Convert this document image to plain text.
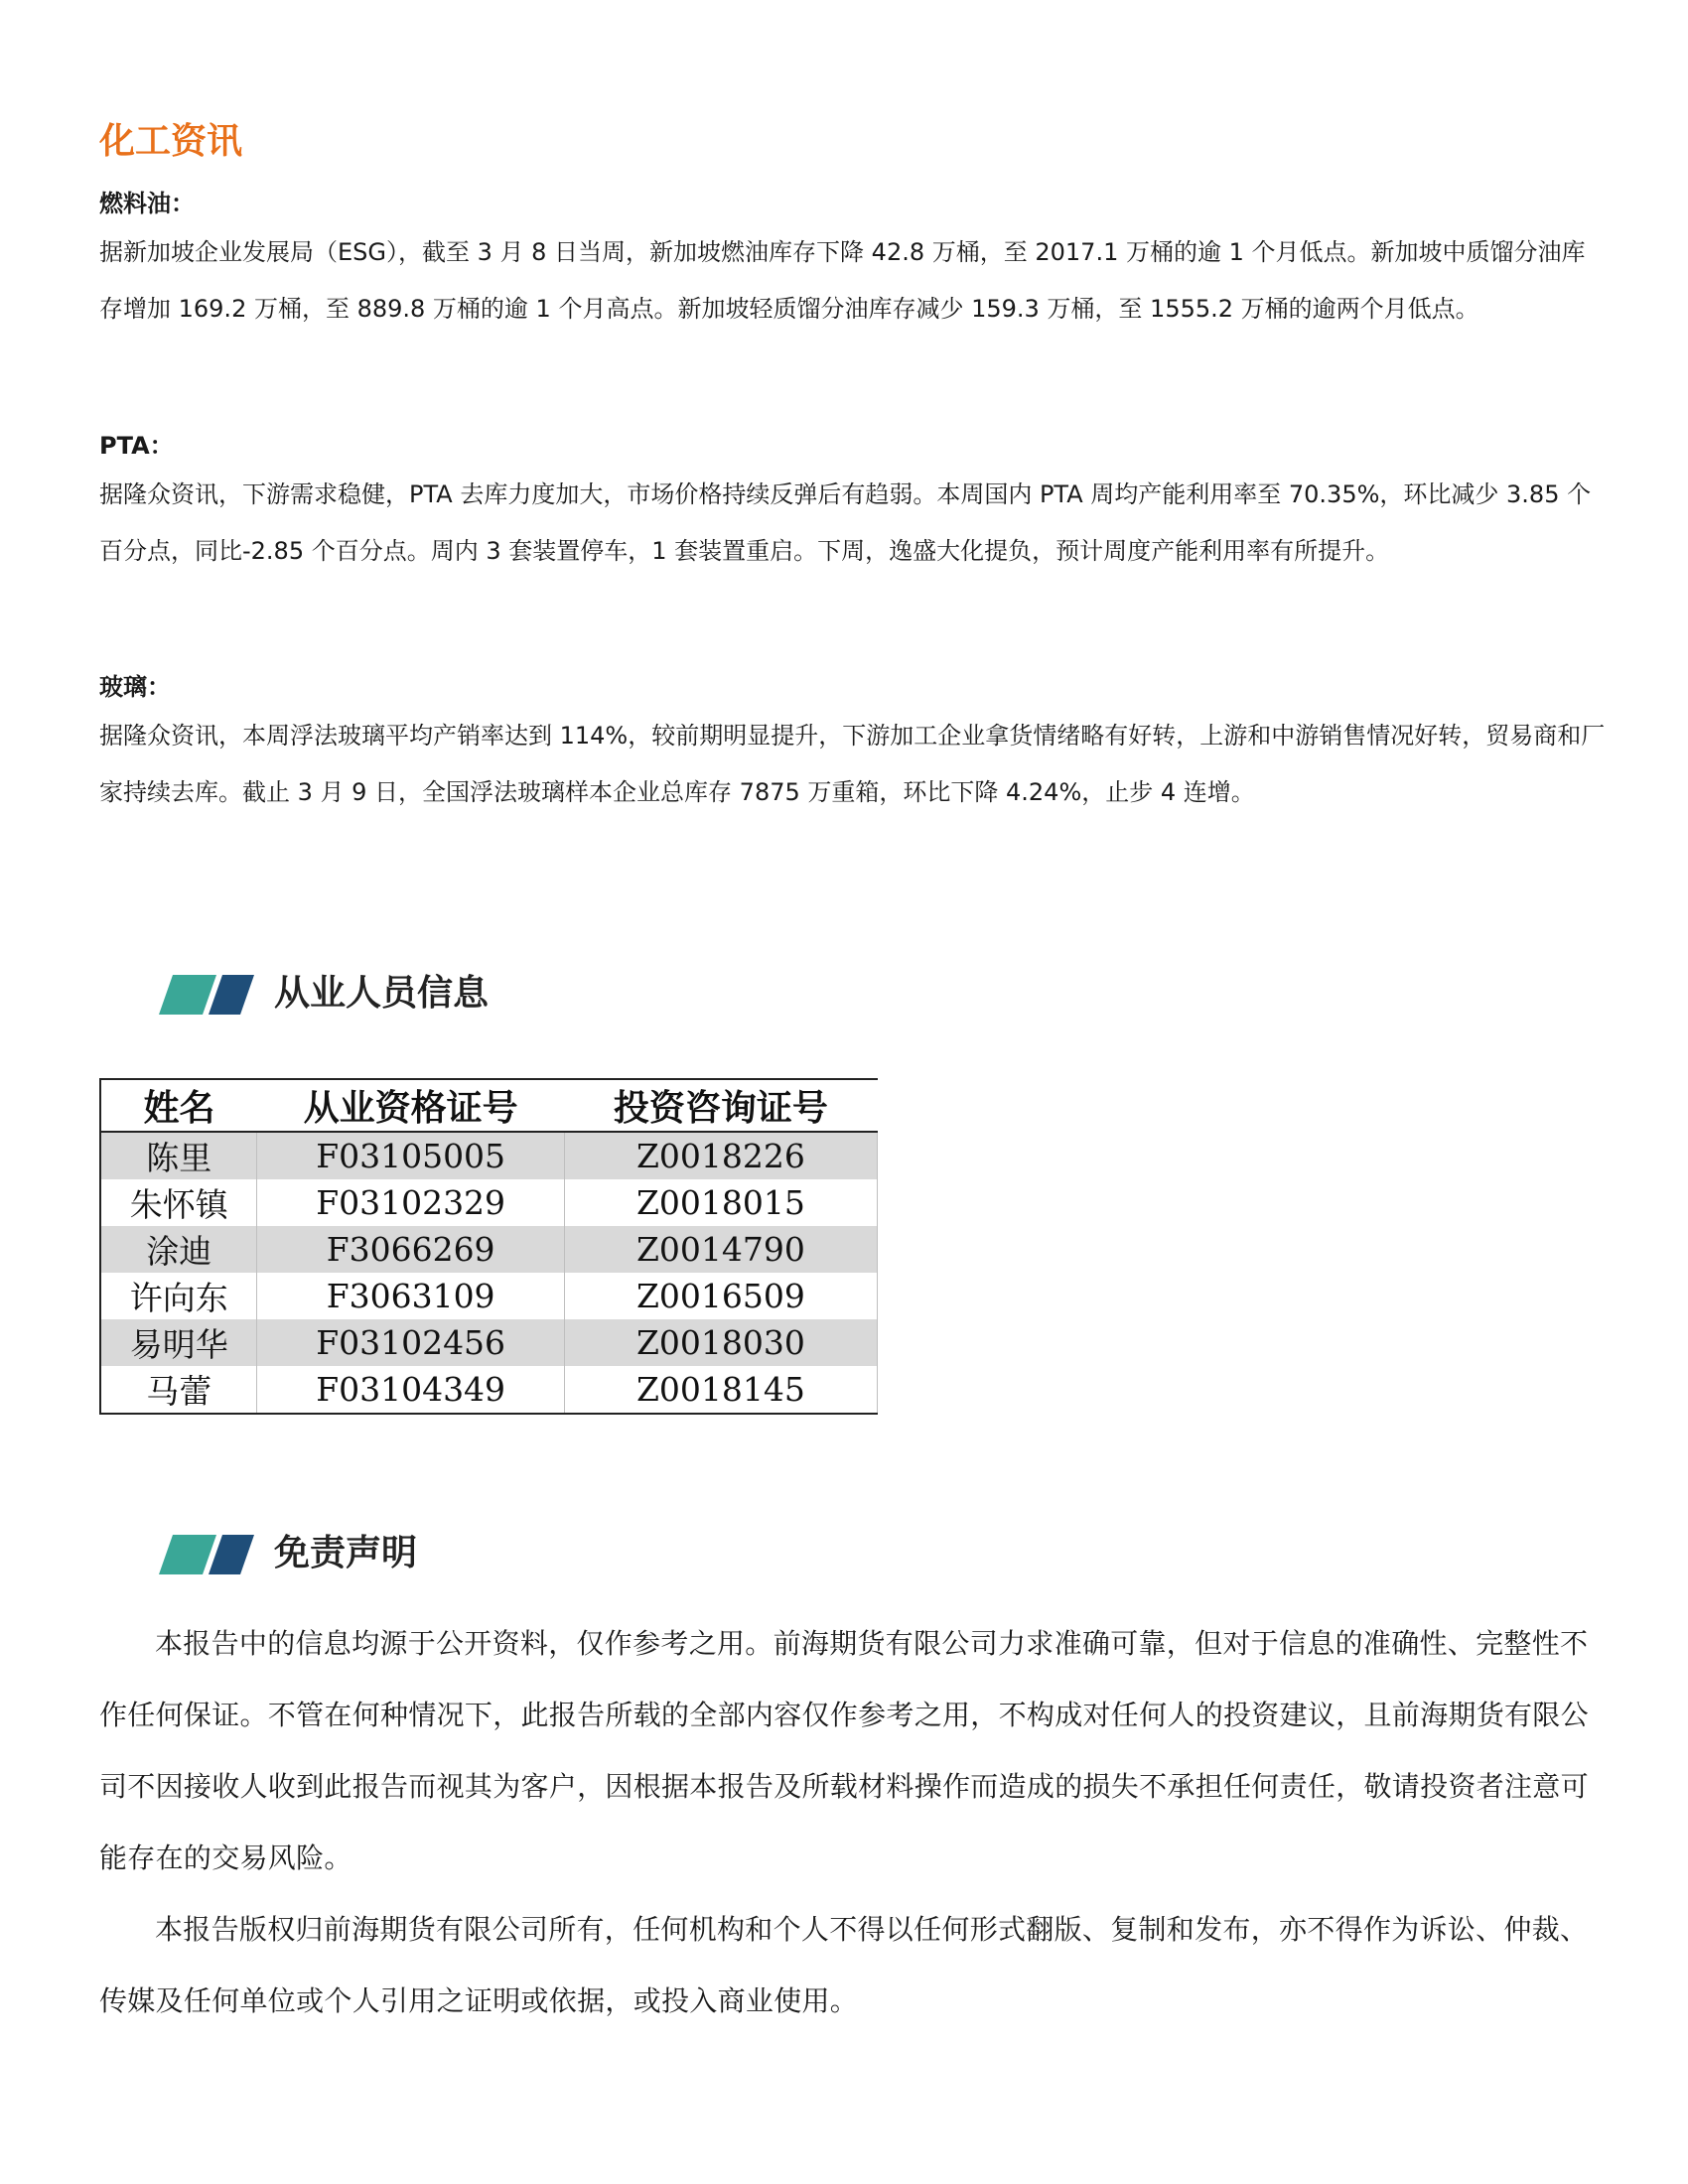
化工资讯

燃料油：

据新加坡企业发展局（ESG），截至 3 月 8 日当周，新加坡燃油库存下降 42.8 万桶，至 2017.1 万桶的逾 1 个月低点。新加坡中质馏分油库存增加 169.2 万桶，至 889.8 万桶的逾 1 个月高点。新加坡轻质馏分油库存减少 159.3 万桶，至 1555.2 万桶的逾两个月低点。

PTA：

据隆众资讯，下游需求稳健，PTA 去库力度加大，市场价格持续反弹后有趋弱。本周国内 PTA 周均产能利用率至 70.35%，环比减少 3.85 个百分点，同比-2.85 个百分点。周内 3 套装置停车，1 套装置重启。下周，逸盛大化提负，预计周度产能利用率有所提升。

玻璃：

据隆众资讯，本周浮法玻璃平均产销率达到 114%，较前期明显提升，下游加工企业拿货情绪略有好转，上游和中游销售情况好转，贸易商和厂家持续去库。截止 3 月 9 日，全国浮法玻璃样本企业总库存 7875 万重箱，环比下降 4.24%，止步 4 连增。

从业人员信息
姓名	从业资格证号	投资咨询证号
陈里	F03105005	Z0018226
朱怀镇	F03102329	Z0018015
涂迪	F3066269	Z0014790
许向东	F3063109	Z0016509
易明华	F03102456	Z0018030
马蕾	F03104349	Z0018145
免责声明

本报告中的信息均源于公开资料，仅作参考之用。前海期货有限公司力求准确可靠，但对于信息的准确性、完整性不作任何保证。不管在何种情况下，此报告所载的全部内容仅作参考之用，不构成对任何人的投资建议，且前海期货有限公司不因接收人收到此报告而视其为客户，因根据本报告及所载材料操作而造成的损失不承担任何责任，敬请投资者注意可能存在的交易风险。

本报告版权归前海期货有限公司所有，任何机构和个人不得以任何形式翻版、复制和发布，亦不得作为诉讼、仲裁、传媒及任何单位或个人引用之证明或依据，或投入商业使用。
